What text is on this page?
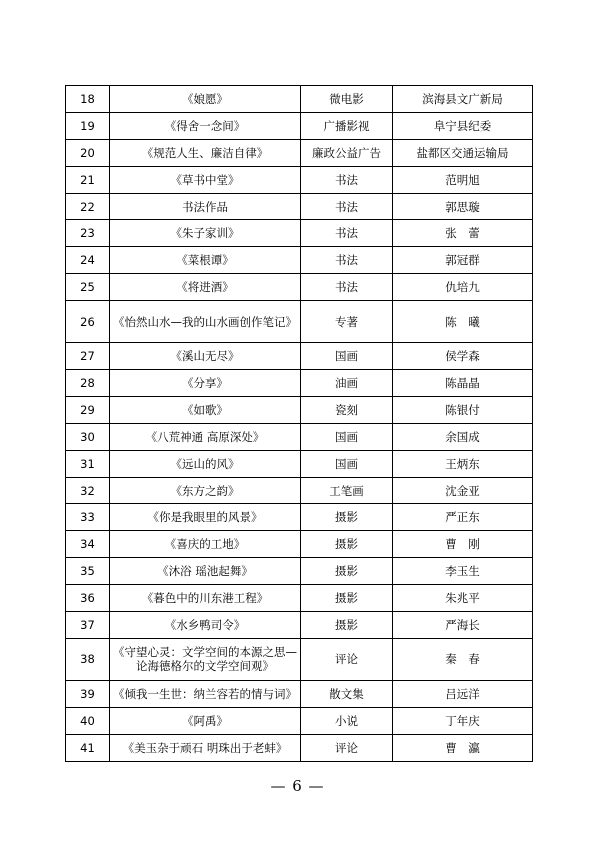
18	《娘愿》	微电影	滨海县文广新局
19	《得舍一念间》	广播影视	阜宁县纪委
20	《规范人生、廉洁自律》	廉政公益广告	盐都区交通运输局
21	《草书中堂》	书法	范明旭
22	书法作品	书法	郭思璇
23	《朱子家训》	书法	张　蕾
24	《菜根谭》	书法	郭冠群
25	《将进酒》	书法	仇培九
26	《怡然山水—我的山水画创作笔记》	专著	陈　曦
27	《溪山无尽》	国画	侯学森
28	《分享》	油画	陈晶晶
29	《如歌》	瓷刻	陈银付
30	《八荒神通 高原深处》	国画	余国成
31	《远山的风》	国画	王炳东
32	《东方之韵》	工笔画	沈金亚
33	《你是我眼里的风景》	摄影	严正东
34	《喜庆的工地》	摄影	曹　刚
35	《沐浴 瑶池起舞》	摄影	李玉生
36	《暮色中的川东港工程》	摄影	朱兆平
37	《水乡鸭司令》	摄影	严海长
38	《守望心灵：文学空间的本源之思—论海德格尔的文学空间观》	评论	秦　春
39	《倾我一生世：纳兰容若的情与词》	散文集	吕远洋
40	《阿禹》	小说	丁年庆
41	《美玉杂于顽石 明珠出于老蚌》	评论	曹　瀛
— 6 —
